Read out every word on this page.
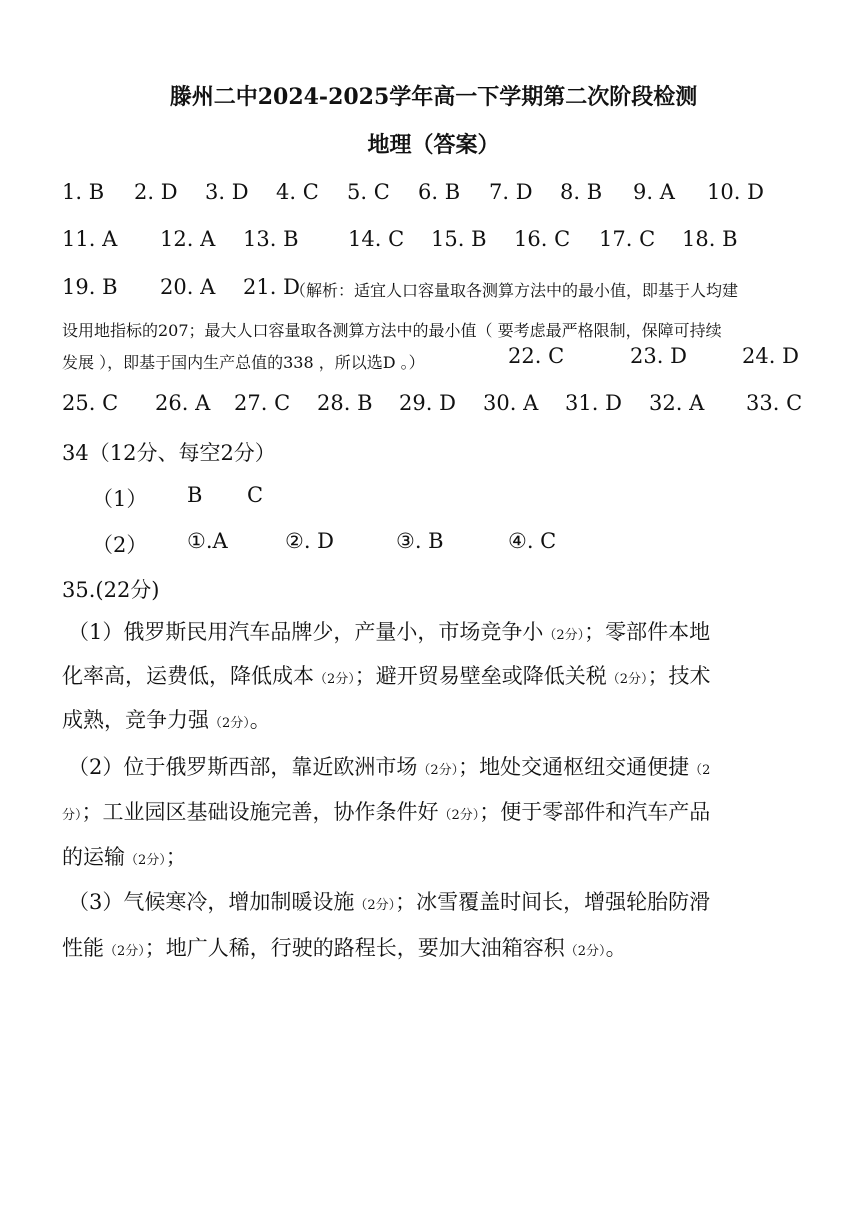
滕州二中2024-2025学年高一下学期第二次阶段检测
地理（答案）
1. B 2. D 3. D 4. C 5. C 6. B 7. D 8. B 9. A 10. D
11. A 12. A 13. B 14. C 15. B 16. C 17. C 18. B
19. B 20. A 21. D
（解析：适宜人口容量取各测算方法中的最小值，即基于人均建
设用地指标的207；最大人口容量取各测算方法中的最小值（ 要考虑最严格限制，保障可持续
发展 ），即基于国内生产总值的338 ，所以选D 。）	22. C	23. D	24. D
25. C 26. A 27. C 28. B 29. D 30. A 31. D 32. A 33. C
34（12分、每空2分）
（1） B C
（2） ①.A	②. D	③. B	④. C
35.(22分)
（1）俄罗斯民用汽车品牌少，产量小，市场竞争小（2分）；零部件本地
化率高，运费低，降低成本（2分）；避开贸易壁垒或降低关税（2分）；技术
成熟，竞争力强（2分）。
（2）位于俄罗斯西部，靠近欧洲市场（2分）；地处交通枢纽交通便捷（2
分）；工业园区基础设施完善，协作条件好（2分）；便于零部件和汽车产品
的运输（2分）；
（3）气候寒冷，增加制暖设施（2分）；冰雪覆盖时间长，增强轮胎防滑
性能（2分）；地广人稀，行驶的路程长，要加大油箱容积（2分）。
